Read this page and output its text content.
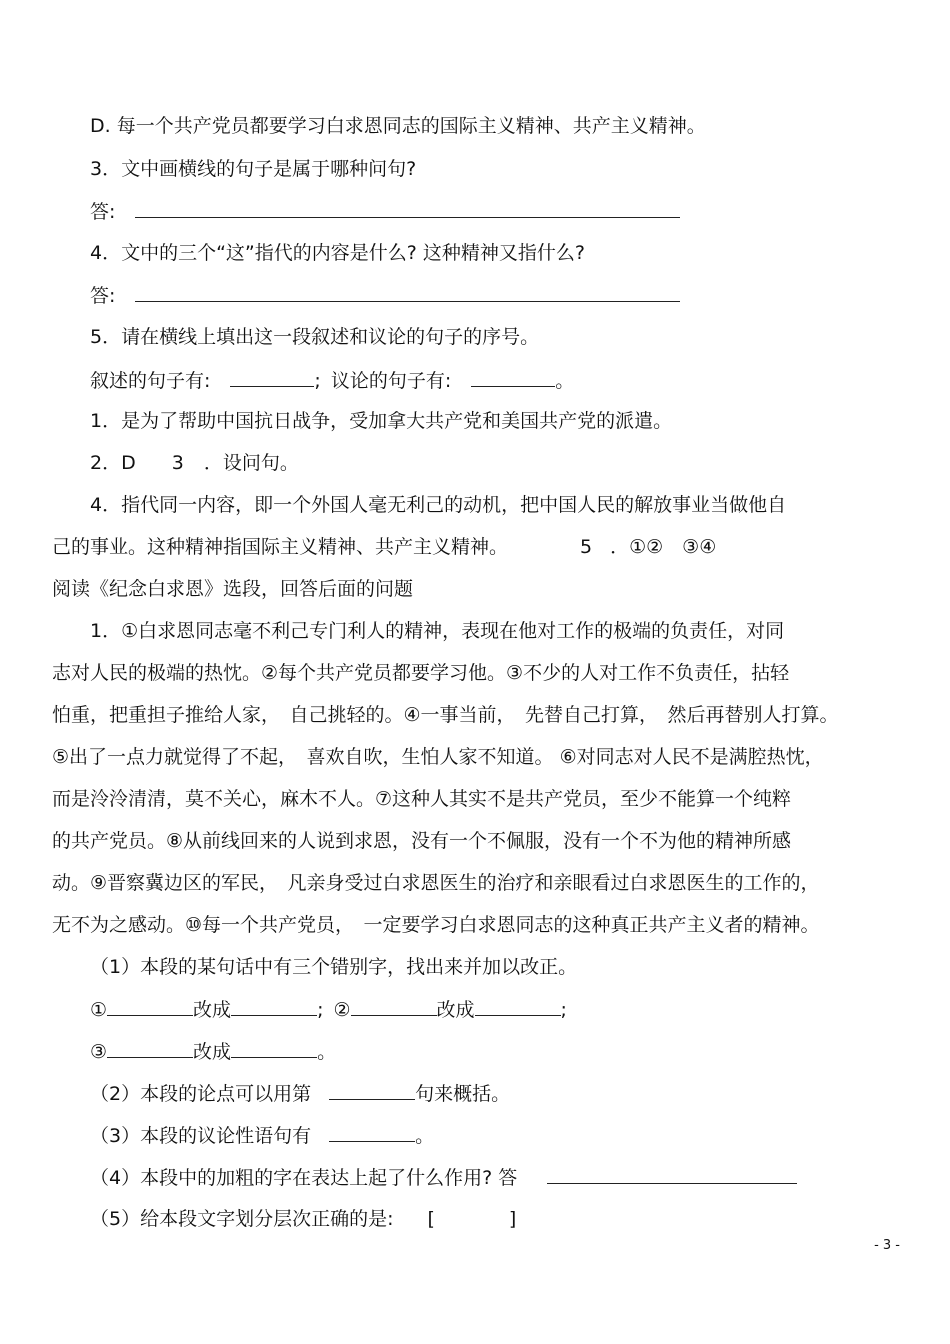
D. 每一个共产党员都要学习白求恩同志的国际主义精神、共产主义精神。
3．文中画横线的句子是属于哪种问句?
答:
4．文中的三个“这”指代的内容是什么? 这种精神又指什么?
答:
5．请在横线上填出这一段叙述和议论的句子的序号。
叙述的句子有:	; 议论的句子有:	。
1．是为了帮助中国抗日战争，受加拿大共产党和美国共产党的派遣。
2．D 3 ．设问句。
4．指代同一内容，即一个外国人毫无利己的动机，把中国人民的解放事业当做他自
己的事业。这种精神指国际主义精神、共产主义精神。	5 ．①②　③④
阅读《纪念白求恩》选段，回答后面的问题
1．①白求恩同志毫不利己专门利人的精神，表现在他对工作的极端的负责任，对同
志对人民的极端的热忱。②每个共产党员都要学习他。③不少的人对工作不负责任，拈轻
怕重，把重担子推给人家，　自己挑轻的。④一事当前，　先替自己打算，　然后再替别人打算。
⑤出了一点力就觉得了不起，　喜欢自吹，生怕人家不知道。 ⑥对同志对人民不是满腔热忱，
而是泠泠清清，莫不关心，麻木不人。⑦这种人其实不是共产党员，至少不能算一个纯粹
的共产党员。⑧从前线回来的人说到求恩，没有一个不佩服，没有一个不为他的精神所感
动。⑨晋察冀边区的军民，　凡亲身受过白求恩医生的治疗和亲眼看过白求恩医生的工作的，
无不为之感动。⑩每一个共产党员，　一定要学习白求恩同志的这种真正共产主义者的精神。
（1）本段的某句话中有三个错别字，找出来并加以改正。
①	改成	; ②	改成	;
③	改成	。
（2）本段的论点可以用第	句来概括。
（3）本段的议论性语句有	。
（4）本段中的加粗的字在表达上起了什么作用? 答
（5）给本段文字划分层次正确的是: [	]
- 3 -
